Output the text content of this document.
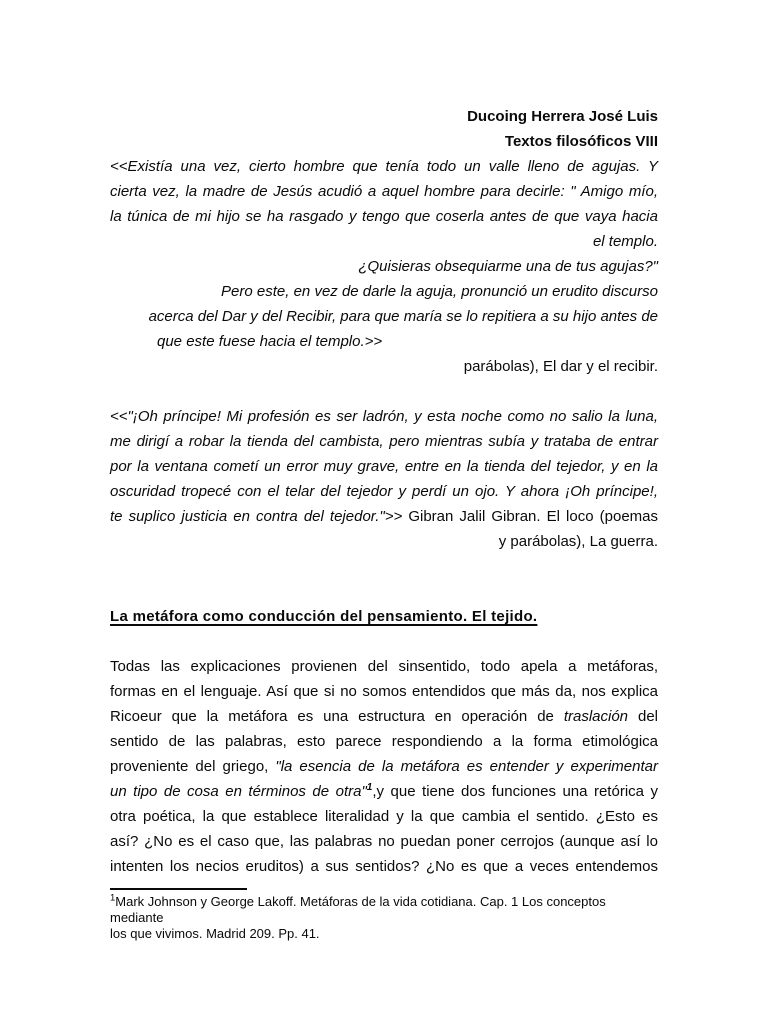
Ducoing Herrera José Luis
Textos filosóficos VIII
<<Existía una vez, cierto hombre que tenía todo un valle lleno de agujas. Y
cierta vez, la madre de Jesús acudió a aquel hombre para decirle: " Amigo mío,
la túnica de mi hijo se ha rasgado y tengo que coserla antes de que vaya hacia
el templo.
¿Quisieras obsequiarme una de tus agujas?"
Pero este, en vez de darle la aguja, pronunció un erudito discurso
acerca del Dar y del Recibir, para que maría se lo repitiera a su hijo antes de
que este fuese hacia el templo.>>
parábolas), El dar y el recibir.
<<"¡Oh príncipe! Mi profesión es ser ladrón, y esta noche como no salio la luna,
me dirigí a robar la tienda del cambista, pero mientras subía y trataba de entrar
por la ventana cometí un error muy grave, entre en la tienda del tejedor, y en la
oscuridad tropecé con el telar del tejedor y perdí un ojo. Y ahora ¡Oh príncipe!,
te suplico justicia en contra del tejedor.">> Gibran Jalil Gibran. El loco (poemas
y parábolas), La guerra.
La metáfora como conducción del pensamiento. El tejido.
Todas las explicaciones provienen del sinsentido, todo apela a metáforas,
formas en el lenguaje. Así que si no somos entendidos que más da, nos explica
Ricoeur que la metáfora es una estructura en operación de traslación del
sentido de las palabras, esto parece respondiendo a la forma etimológica
proveniente del griego, "la esencia de la metáfora es entender y experimentar
un tipo de cosa en términos de otra"$^1$,y que tiene dos funciones una retórica y
otra poética, la que establece literalidad y la que cambia el sentido. ¿Esto es
así? ¿No es el caso que, las palabras no puedan poner cerrojos (aunque así lo
intenten los necios eruditos) a sus sentidos? ¿No es que a veces entendemos
$^1$Mark Johnson y George Lakoff. Metáforas de la vida cotidiana. Cap. 1 Los conceptos mediante
los que vivimos. Madrid 209. Pp. 41.
